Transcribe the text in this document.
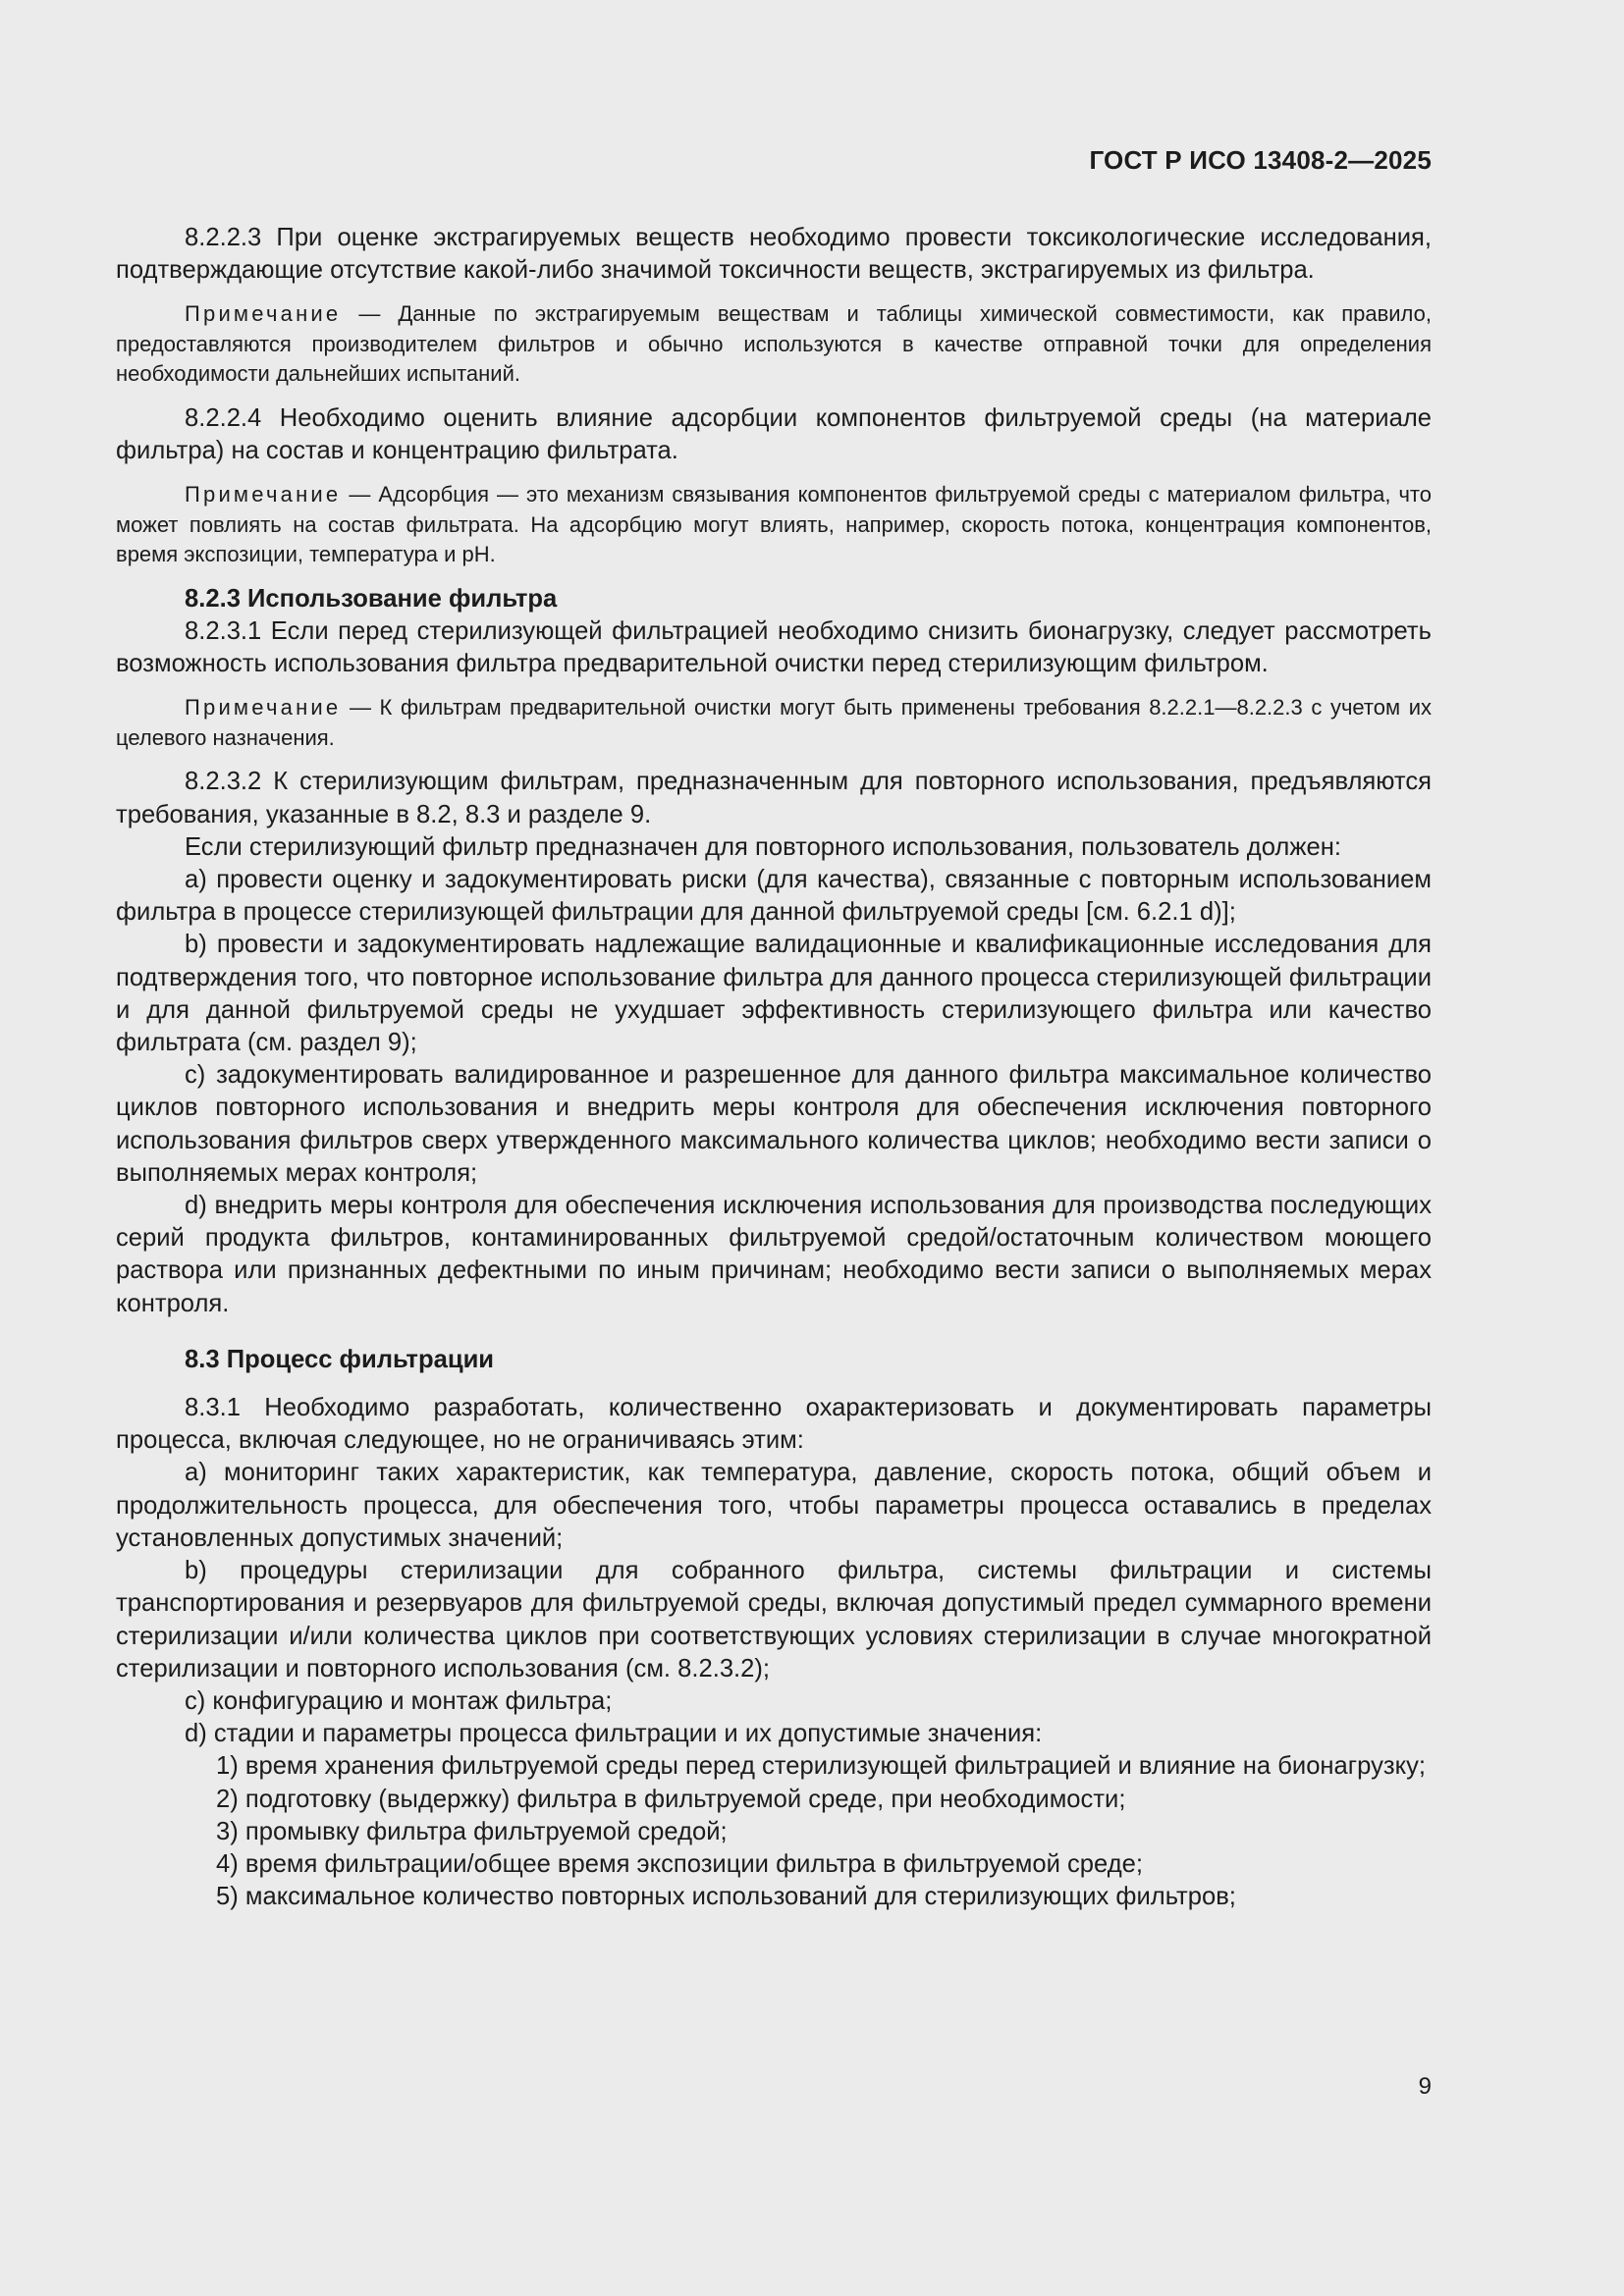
ГОСТ Р ИСО 13408-2—2025

8.2.2.3 При оценке экстрагируемых веществ необходимо провести токсикологические исследования, подтверждающие отсутствие какой-либо значимой токсичности веществ, экстрагируемых из фильтра.

Примечание — Данные по экстрагируемым веществам и таблицы химической совместимости, как правило, предоставляются производителем фильтров и обычно используются в качестве отправной точки для определения необходимости дальнейших испытаний.

8.2.2.4 Необходимо оценить влияние адсорбции компонентов фильтруемой среды (на материале фильтра) на состав и концентрацию фильтрата.

Примечание — Адсорбция — это механизм связывания компонентов фильтруемой среды с материалом фильтра, что может повлиять на состав фильтрата. На адсорбцию могут влиять, например, скорость потока, концентрация компонентов, время экспозиции, температура и pH.

8.2.3 Использование фильтра

8.2.3.1 Если перед стерилизующей фильтрацией необходимо снизить бионагрузку, следует рассмотреть возможность использования фильтра предварительной очистки перед стерилизующим фильтром.

Примечание — К фильтрам предварительной очистки могут быть применены требования 8.2.2.1—8.2.2.3 с учетом их целевого назначения.

8.2.3.2 К стерилизующим фильтрам, предназначенным для повторного использования, предъявляются требования, указанные в 8.2, 8.3 и разделе 9.

Если стерилизующий фильтр предназначен для повторного использования, пользователь должен:

a) провести оценку и задокументировать риски (для качества), связанные с повторным использованием фильтра в процессе стерилизующей фильтрации для данной фильтруемой среды [см. 6.2.1 d)];

b) провести и задокументировать надлежащие валидационные и квалификационные исследования для подтверждения того, что повторное использование фильтра для данного процесса стерилизующей фильтрации и для данной фильтруемой среды не ухудшает эффективность стерилизующего фильтра или качество фильтрата (см. раздел 9);

c) задокументировать валидированное и разрешенное для данного фильтра максимальное количество циклов повторного использования и внедрить меры контроля для обеспечения исключения повторного использования фильтров сверх утвержденного максимального количества циклов; необходимо вести записи о выполняемых мерах контроля;

d) внедрить меры контроля для обеспечения исключения использования для производства последующих серий продукта фильтров, контаминированных фильтруемой средой/остаточным количеством моющего раствора или признанных дефектными по иным причинам; необходимо вести записи о выполняемых мерах контроля.

8.3 Процесс фильтрации

8.3.1 Необходимо разработать, количественно охарактеризовать и документировать параметры процесса, включая следующее, но не ограничиваясь этим:

a) мониторинг таких характеристик, как температура, давление, скорость потока, общий объем и продолжительность процесса, для обеспечения того, чтобы параметры процесса оставались в пределах установленных допустимых значений;

b) процедуры стерилизации для собранного фильтра, системы фильтрации и системы транспортирования и резервуаров для фильтруемой среды, включая допустимый предел суммарного времени стерилизации и/или количества циклов при соответствующих условиях стерилизации в случае многократной стерилизации и повторного использования (см. 8.2.3.2);

c) конфигурацию и монтаж фильтра;

d) стадии и параметры процесса фильтрации и их допустимые значения:

1) время хранения фильтруемой среды перед стерилизующей фильтрацией и влияние на бионагрузку;

2) подготовку (выдержку) фильтра в фильтруемой среде, при необходимости;

3) промывку фильтра фильтруемой средой;

4) время фильтрации/общее время экспозиции фильтра в фильтруемой среде;

5) максимальное количество повторных использований для стерилизующих фильтров;

9
